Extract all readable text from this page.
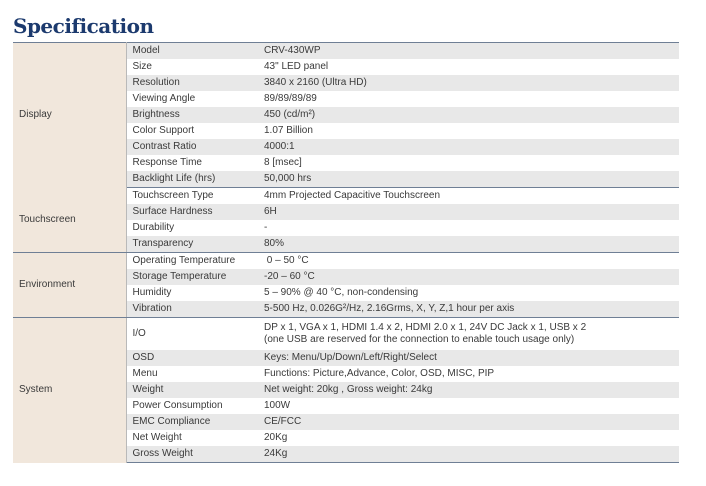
Specification
Display	Model	CRV-430WP
	Size	43" LED panel
	Resolution	3840 x 2160 (Ultra HD)
	Viewing Angle	89/89/89/89
	Brightness	450 (cd/m²)
	Color Support	1.07 Billion
	Contrast Ratio	4000:1
	Response Time	8 [msec]
	Backlight Life (hrs)	50,000 hrs
Touchscreen	Touchscreen Type	4mm Projected Capacitive Touchscreen
	Surface Hardness	6H
	Durability	-
	Transparency	80%
Environment	Operating Temperature	0 – 50 °C
	Storage Temperature	-20 – 60 °C
	Humidity	5 – 90% @ 40 °C, non-condensing
	Vibration	5-500 Hz, 0.026G²/Hz, 2.16Grms, X, Y, Z,1 hour per axis
System	I/O	DP x 1, VGA x 1, HDMI 1.4 x 2, HDMI 2.0 x 1, 24V DC Jack x 1, USB x 2
(one USB are reserved for the connection to enable touch usage only)

	OSD	Keys: Menu/Up/Down/Left/Right/Select
	Menu	Functions: Picture,Advance, Color, OSD, MISC, PIP
	Weight	Net weight: 20kg , Gross weight: 24kg
	Power Consumption	100W
	EMC Compliance	CE/FCC
	Net Weight	20Kg
	Gross Weight	24Kg
